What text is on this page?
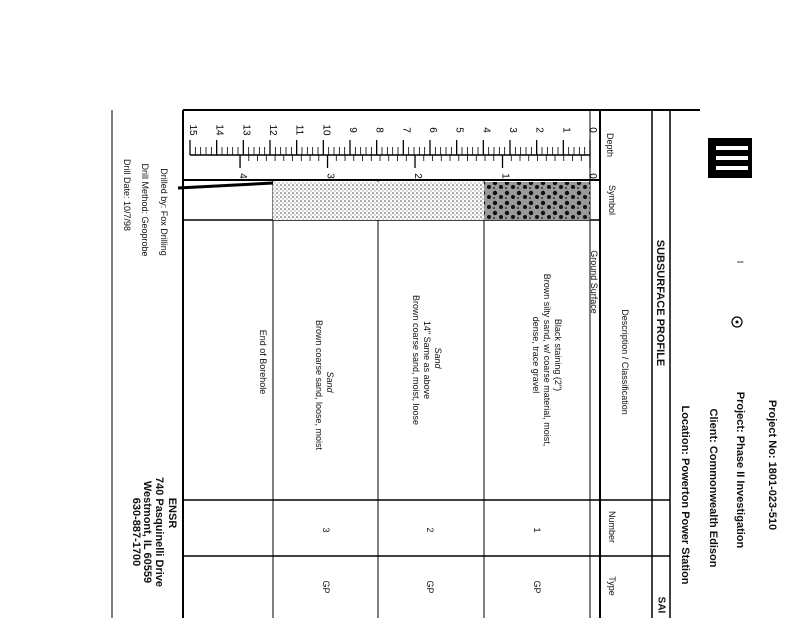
0
1
2
3
4
5
6
7
8
9
10
11
12
13
14
15
0
1
2
3
4
Project No: 1801-023-510
Project: Phase II Investigation
Client: Commonwealth Edison
Location: Powerton Power Station
SUBSURFACE PROFILE
SAI
I
Depth
Symbol
Description / Classification
Number
Type
Ground Surface
Black staining (2")
Brown silty sand, w/ coarse material, moist,
dense, trace gravel
1
GP
Sand
14" Same as above
Brown coarse sand, moist, loose
2
GP
Sand
Brown coarse sand, loose, moist
3
GP
End of Borehole
Drilled by: Fox Drilling
Drill Method: Geoprobe
Drill Date: 10/7/98
ENSR
740 Pasquinelli Drive
Westmont, IL 60559
630-887-1700
